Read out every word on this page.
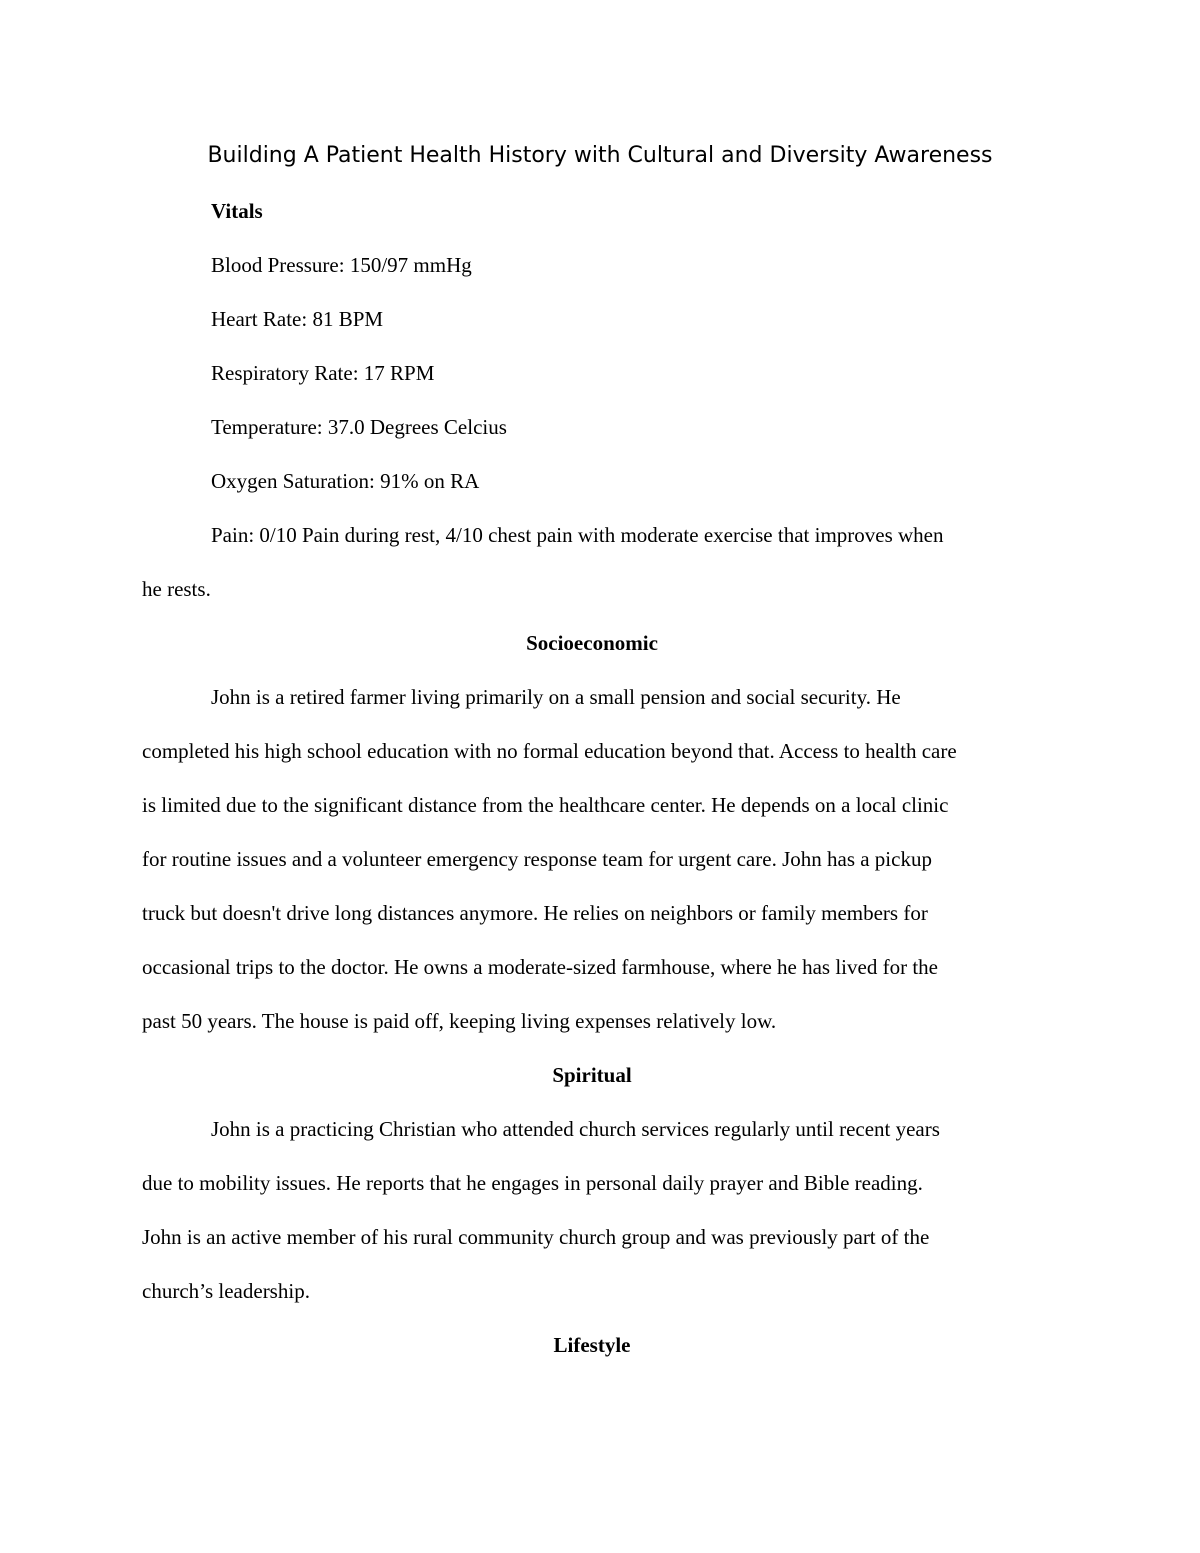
Building A Patient Health History with Cultural and Diversity Awareness
Vitals
Blood Pressure: 150/97 mmHg
Heart Rate: 81 BPM
Respiratory Rate: 17 RPM
Temperature: 37.0 Degrees Celcius
Oxygen Saturation: 91% on RA
Pain: 0/10 Pain during rest, 4/10 chest pain with moderate exercise that improves when
he rests.
Socioeconomic
John is a retired farmer living primarily on a small pension and social security. He
completed his high school education with no formal education beyond that. Access to health care
is limited due to the significant distance from the healthcare center. He depends on a local clinic
for routine issues and a volunteer emergency response team for urgent care. John has a pickup
truck but doesn't drive long distances anymore. He relies on neighbors or family members for
occasional trips to the doctor. He owns a moderate-sized farmhouse, where he has lived for the
past 50 years. The house is paid off, keeping living expenses relatively low.
Spiritual
John is a practicing Christian who attended church services regularly until recent years
due to mobility issues. He reports that he engages in personal daily prayer and Bible reading.
John is an active member of his rural community church group and was previously part of the
church’s leadership.
Lifestyle
